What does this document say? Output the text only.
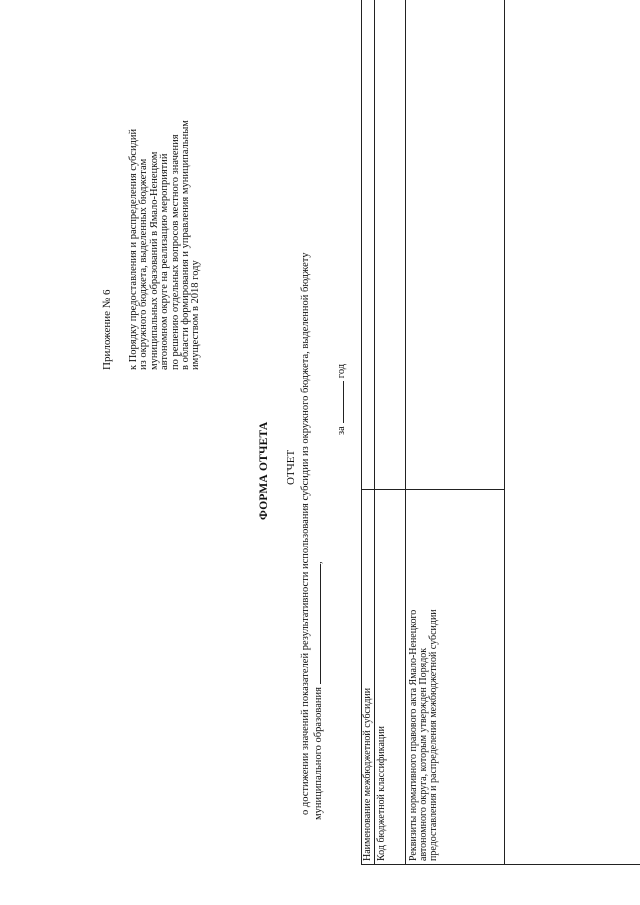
Приложение № 6 к Порядку предоставления и распределения субсидий из окружного бюджета, выделенных бюджетам муниципальных образований в Ямало-Ненецком автономном округе на реализацию мероприятий по решению отдельных вопросов местного значения в области формирования и управления муниципальным имуществом в 2018 году
ФОРМА ОТЧЕТА ОТЧЕТ о достижении значений показателей результативности использования субсидии из окружного бюджета, выделенной бюджету муниципального образования,
загод
Наименование межбюджетной субсидии Код бюджетной классификации Реквизиты нормативного правового акта Ямало-Ненецкого автономного округа, которым утвержден Порядок предоставления и распределения межбюджетной субсидии
